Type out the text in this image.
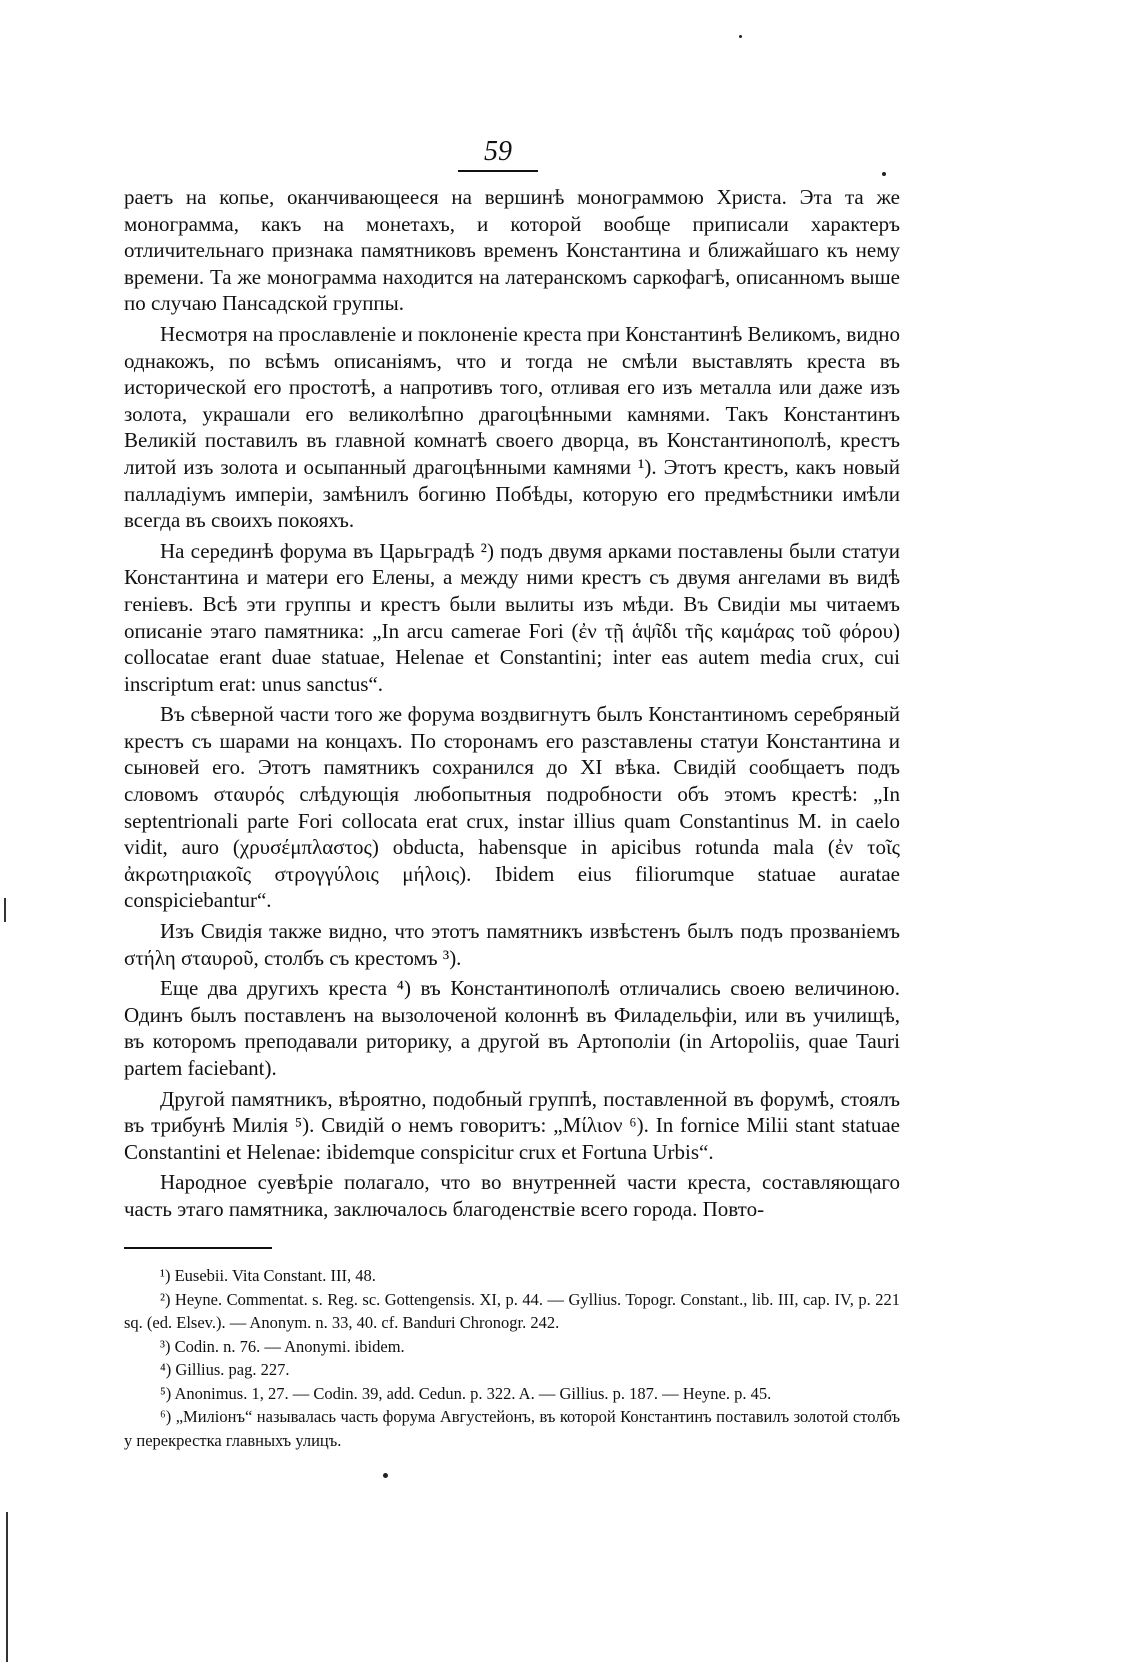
59

раетъ на копье, оканчивающееся на вершинѣ монограммою Христа. Эта та же монограмма, какъ на монетахъ, и которой вообще приписали характеръ отличительнаго признака памятниковъ временъ Константина и ближайшаго къ нему времени. Та же монограмма находится на латеранскомъ саркофагѣ, описанномъ выше по случаю Пансадской группы.

Несмотря на прославленіе и поклоненіе креста при Константинѣ Великомъ, видно однакожъ, по всѣмъ описаніямъ, что и тогда не смѣли выставлять креста въ исторической его простотѣ, а напротивъ того, отливая его изъ металла или даже изъ золота, украшали его великолѣпно драгоцѣнными камнями. Такъ Константинъ Великій поставилъ въ главной комнатѣ своего дворца, въ Константинополѣ, крестъ литой изъ золота и осыпанный драгоцѣнными камнями ¹). Этотъ крестъ, какъ новый палладіумъ имперіи, замѣнилъ богиню Побѣды, которую его предмѣстники имѣли всегда въ своихъ покояхъ.

На серединѣ форума въ Царьградѣ ²) подъ двумя арками поставлены были статуи Константина и матери его Елены, а между ними крестъ съ двумя ангелами въ видѣ геніевъ. Всѣ эти группы и крестъ были вылиты изъ мѣди. Въ Свидіи мы читаемъ описаніе этаго памятника: „In arcu camerae Fori (ἐν τῇ ἁψῖδι τῆς καμάρας τοῦ φόρου) collocatae erant duae statuae, Helenae et Constantini; inter eas autem media crux, cui inscriptum erat: unus sanctus“.

Въ сѣверной части того же форума воздвигнутъ былъ Константиномъ серебряный крестъ съ шарами на концахъ. По сторонамъ его разставлены статуи Константина и сыновей его. Этотъ памятникъ сохранился до XI вѣка. Свидій сообщаетъ подъ словомъ σταυρός слѣдующія любопытныя подробности объ этомъ крестѣ: „In septentrionali parte Fori collocata erat crux, instar illius quam Constantinus M. in caelo vidit, auro (χρυσέμπλαστος) obducta, habensque in apicibus rotunda mala (ἐν τοῖς ἀκρωτηριακοῖς στρογγύλοις μήλοις). Ibidem eius filiorumque statuae auratae conspiciebantur“.

Изъ Свидія также видно, что этотъ памятникъ извѣстенъ былъ подъ прозваніемъ στήλη σταυροῦ, столбъ съ крестомъ ³).

Еще два другихъ креста ⁴) въ Константинополѣ отличались своею величиною. Одинъ былъ поставленъ на вызолоченой колоннѣ въ Филадельфіи, или въ училищѣ, въ которомъ преподавали риторику, а другой въ Артополіи (in Artopoliis, quae Tauri partem faciebant).

Другой памятникъ, вѣроятно, подобный группѣ, поставленной въ форумѣ, стоялъ въ трибунѣ Милія ⁵). Свидій о немъ говоритъ: „Μίλιον ⁶). In fornice Milii stant statuae Constantini et Helenae: ibidemque conspicitur crux et Fortuna Urbis“.

Народное суевѣріе полагало, что во внутренней части креста, составляющаго часть этаго памятника, заключалось благоденствіе всего города. Повто-

¹) Eusebii. Vita Constant. III, 48.

²) Heyne. Commentat. s. Reg. sc. Gottengensis. XI, p. 44. — Gyllius. Topogr. Constant., lib. III, cap. IV, p. 221 sq. (ed. Elsev.). — Anonym. n. 33, 40. cf. Banduri Chronogr. 242.

³) Codin. n. 76. — Anonymi. ibidem.

⁴) Gillius. pag. 227.

⁵) Anonimus. 1, 27. — Codin. 39, add. Cedun. p. 322. A. — Gillius. p. 187. — Heyne. p. 45.

⁶) „Миліонъ“ называлась часть форума Августейонъ, въ которой Константинъ поставилъ золотой столбъ у перекрестка главныхъ улицъ.
